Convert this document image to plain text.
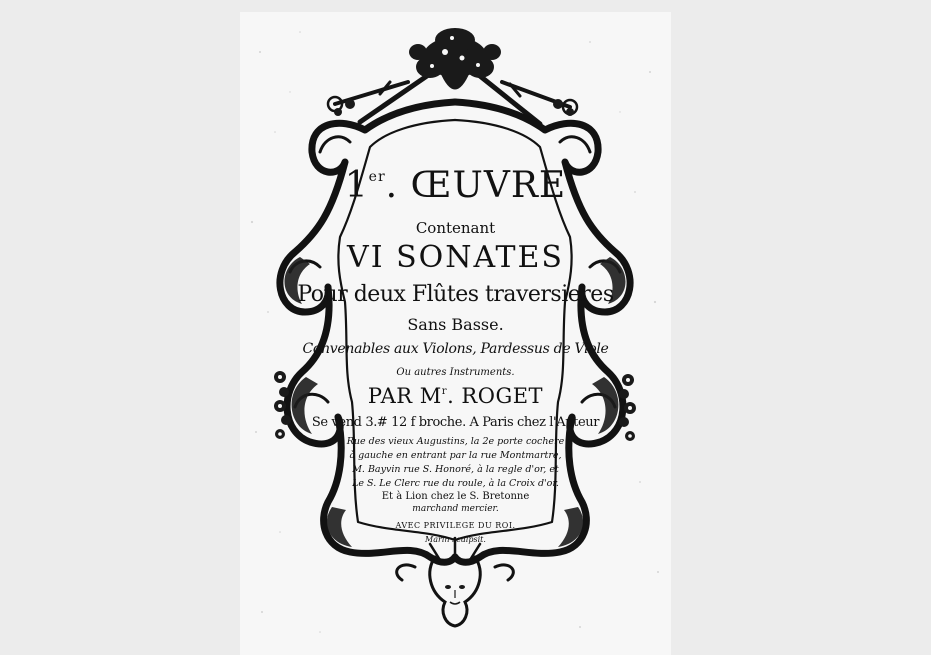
1er. ŒUVRE
Contenant
VI SONATES
Pour deux Flûtes traversieres
Sans Basse.
Convenables aux Violons, Pardessus de Viole
Ou autres Instruments.
PAR $M^r$. ROGET
Se vend 3.# 12 f broche. A Paris chez l'Auteur
Rue des vieux Augustins, la 2e porte cochere
à gauche en entrant par la rue Montmartre,
M. Bayvin rue S. Honoré, à la regle d'or, et
Le S. Le Clerc rue du roule, à la Croix d'or.
Et à Lion chez le S. Bretonne
marchand mercier.
AVEC PRIVILEGE DU ROI.
Marin sculpsit.
